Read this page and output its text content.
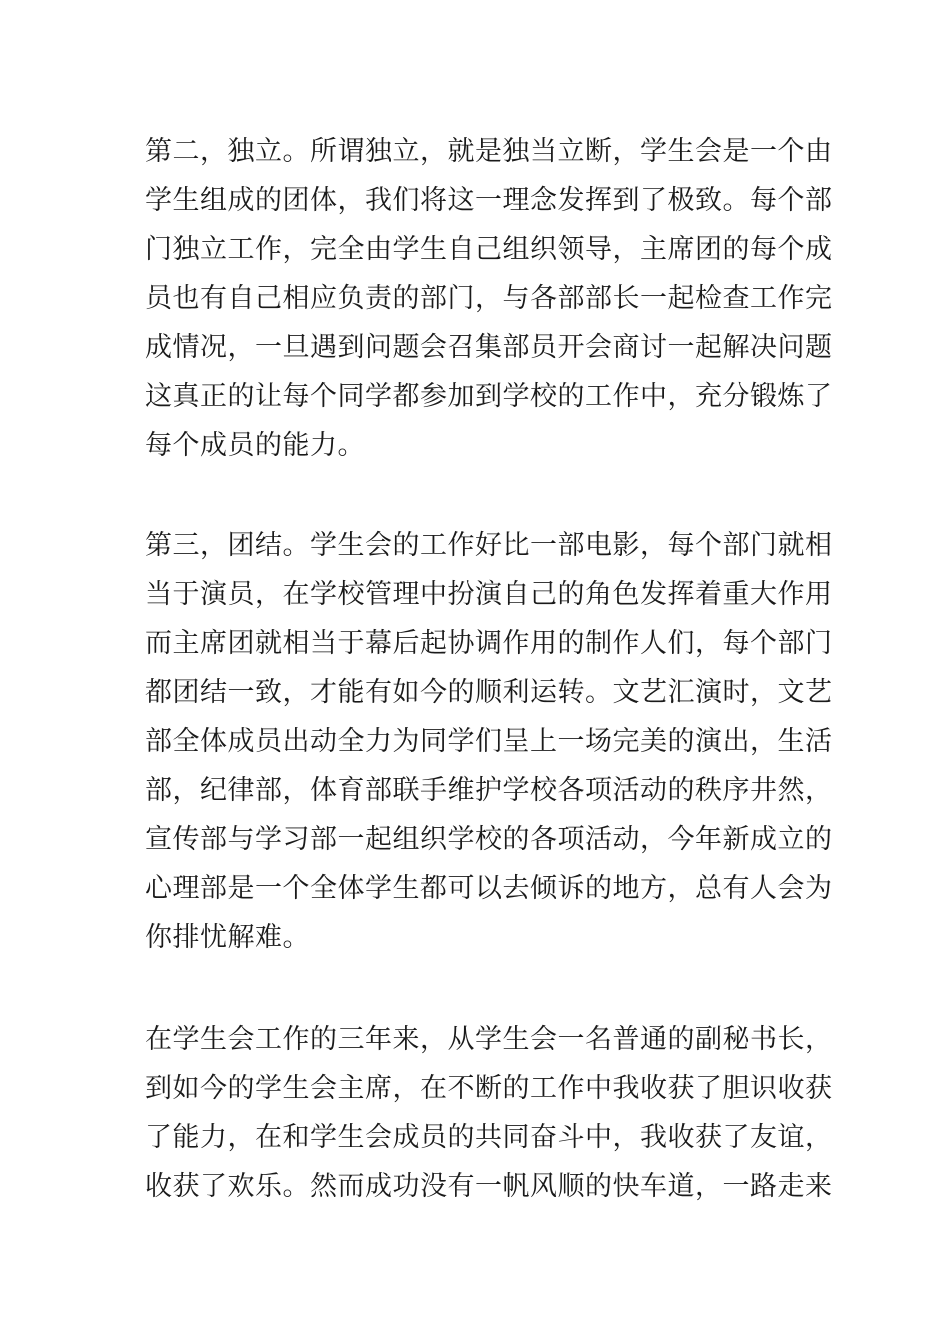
第二，独立。所谓独立，就是独当立断，学生会是一个由
学生组成的团体，我们将这一理念发挥到了极致。每个部
门独立工作，完全由学生自己组织领导，主席团的每个成
员也有自己相应负责的部门，与各部部长一起检查工作完
成情况，一旦遇到问题会召集部员开会商讨一起解决问题
这真正的让每个同学都参加到学校的工作中，充分锻炼了
每个成员的能力。
第三，团结。学生会的工作好比一部电影，每个部门就相
当于演员，在学校管理中扮演自己的角色发挥着重大作用
而主席团就相当于幕后起协调作用的制作人们，每个部门
都团结一致，才能有如今的顺利运转。文艺汇演时，文艺
部全体成员出动全力为同学们呈上一场完美的演出，生活
部，纪律部，体育部联手维护学校各项活动的秩序井然，
宣传部与学习部一起组织学校的各项活动，今年新成立的
心理部是一个全体学生都可以去倾诉的地方，总有人会为
你排忧解难。
在学生会工作的三年来，从学生会一名普通的副秘书长，
到如今的学生会主席，在不断的工作中我收获了胆识收获
了能力，在和学生会成员的共同奋斗中，我收获了友谊，
收获了欢乐。然而成功没有一帆风顺的快车道，一路走来
